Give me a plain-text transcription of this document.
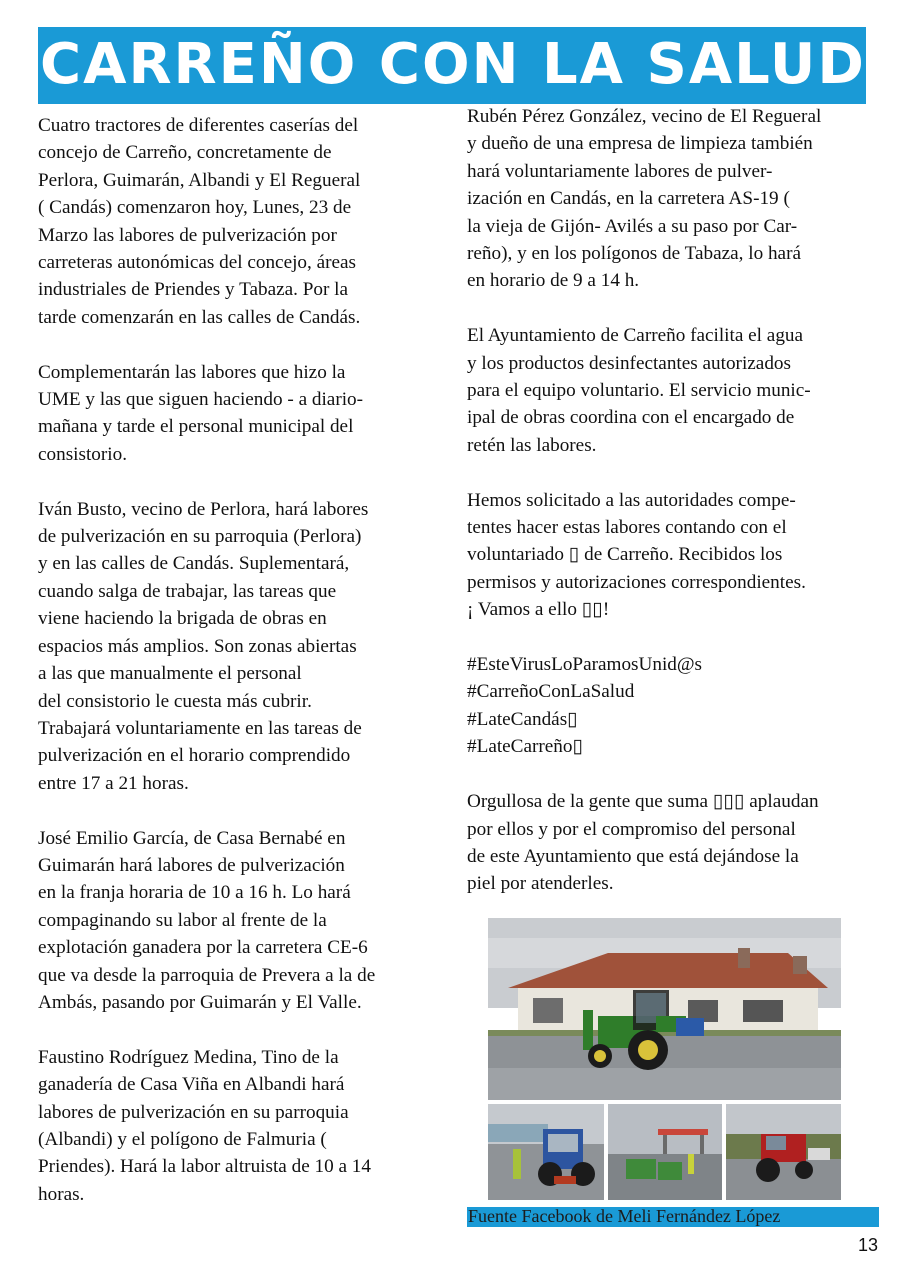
CARREÑO CON LA SALUD

Cuatro tractores de diferentes caserías del

concejo de Carreño, concretamente de

Perlora, Guimarán, Albandi y El Regueral

( Candás) comenzaron hoy, Lunes, 23 de

Marzo las labores de pulverización por

carreteras autonómicas del concejo, áreas

industriales de Priendes y Tabaza. Por la

tarde comenzarán en las calles de Candás.

Complementarán las labores que hizo la

UME y las que siguen haciendo - a diario-

mañana y tarde el personal municipal del

consistorio.

Iván Busto, vecino de Perlora, hará labores

de pulverización en su parroquia (Perlora)

y en las calles de Candás. Suplementará,

cuando salga de trabajar, las tareas que

viene haciendo la brigada de obras en

espacios más amplios. Son zonas abiertas

a las que manualmente el personal

del consistorio le cuesta más cubrir.

Trabajará voluntariamente en las tareas de

pulverización en el horario comprendido

entre 17 a 21 horas.

José Emilio García, de Casa Bernabé en

Guimarán hará labores de pulverización

en la franja horaria de 10 a 16 h. Lo hará

compaginando su labor al frente de la

explotación ganadera por la carretera CE-6

que va desde la parroquia de Prevera a la de

Ambás, pasando por Guimarán y El Valle.

Faustino Rodríguez Medina, Tino de la

ganadería de Casa Viña en Albandi hará

labores de pulverización en su parroquia

(Albandi) y el polígono de Falmuria (

Priendes). Hará la labor altruista de 10 a 14

horas.

Rubén Pérez González, vecino de El Regueral

y dueño de una empresa de limpieza también

hará voluntariamente labores de pulver-

ización en Candás, en la carretera AS-19 (

la vieja de Gijón- Avilés a su paso por Car-

reño), y en los polígonos de Tabaza, lo hará

en horario de 9 a 14 h.

El Ayuntamiento de Carreño facilita el agua

y los productos desinfectantes autorizados

para el equipo voluntario. El servicio munic-

ipal de obras coordina con el encargado de

retén las labores.

Hemos solicitado a las autoridades compe-

tentes hacer estas labores contando con el

voluntariado ▯ de Carreño. Recibidos los

permisos y autorizaciones correspondientes.

¡ Vamos a ello ▯▯!

#EsteVirusLoParamosUnid@s

#CarreñoConLaSalud

#LateCandás▯

#LateCarreño▯

Orgullosa de la gente que suma ▯▯▯ aplaudan

por ellos y por el compromiso del personal

de este Ayuntamiento que está dejándose la

piel por atenderles.

Fuente Facebook de Meli Fernández López
13
